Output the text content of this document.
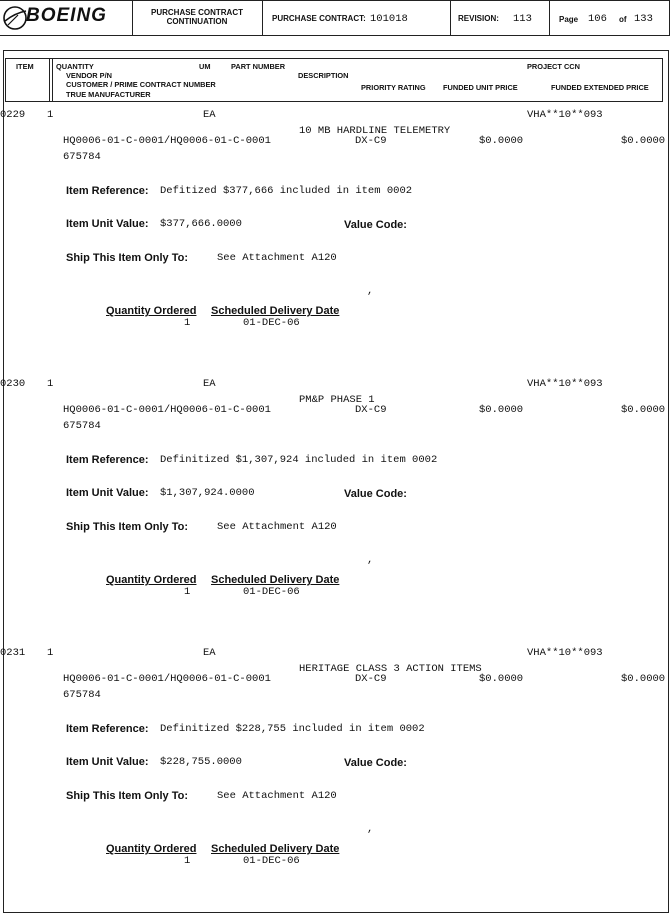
BOEING	PURCHASE CONTRACT
CONTINUATION	PURCHASE CONTRACT: 101018	REVISION: 113	Page 106 of 133
ITEM	QUANTITY	UM	PART NUMBER	PROJECT CCN
VENDOR P/N	DESCRIPTION
CUSTOMER / PRIME CONTRACT NUMBER	PRIORITY RATING FUNDED UNIT PRICE	FUNDED EXTENDED PRICE
TRUE MANUFACTURER
0229 1	EA	VHA**10**093
10 MB HARDLINE TELEMETRY
HQ0006-01-C-0001/HQ0006-01-C-0001	DX-C9	$0.0000	$0.0000
675784
Item Reference: Defitized $377,666 included in item 0002
Item Unit Value: $377,666.0000	Value Code:
Ship This Item Only To:	See Attachment A120
,
Quantity Ordered Scheduled Delivery Date
1	01-DEC-06
0230 1	EA	VHA**10**093
PM&P PHASE 1
HQ0006-01-C-0001/HQ0006-01-C-0001	DX-C9	$0.0000	$0.0000
675784
Item Reference: Definitized $1,307,924 included in item 0002
Item Unit Value: $1,307,924.0000	Value Code:
Ship This Item Only To:	See Attachment A120
,
Quantity Ordered Scheduled Delivery Date
1	01-DEC-06
0231 1	EA	VHA**10**093
HERITAGE CLASS 3 ACTION ITEMS
HQ0006-01-C-0001/HQ0006-01-C-0001	DX-C9	$0.0000	$0.0000
675784
Item Reference: Definitized $228,755 included in item 0002
Item Unit Value: $228,755.0000	Value Code:
Ship This Item Only To:	See Attachment A120
,
Quantity Ordered Scheduled Delivery Date
1	01-DEC-06
